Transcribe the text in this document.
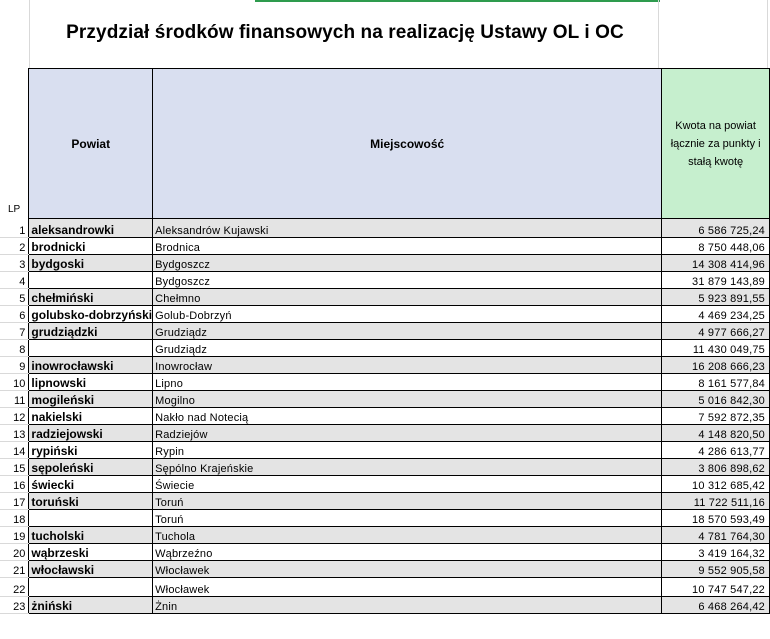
Przydział środków finansowych na realizację Ustawy OL i OC
LP	Powiat	Miejscowość	Kwota na powiat łącznie za punkty i stałą kwotę
1	aleksandrowki	Aleksandrów Kujawski	6 586 725,24
2	brodnicki	Brodnica	8 750 448,06
3	bydgoski	Bydgoszcz	14 308 414,96
4		Bydgoszcz	31 879 143,89
5	chełmiński	Chełmno	5 923 891,55
6	golubsko-dobrzyński	Golub-Dobrzyń	4 469 234,25
7	grudziądzki	Grudziądz	4 977 666,27
8		Grudziądz	11 430 049,75
9	inowrocławski	Inowrocław	16 208 666,23
10	lipnowski	Lipno	8 161 577,84
11	mogileński	Mogilno	5 016 842,30
12	nakielski	Nakło nad Notecią	7 592 872,35
13	radziejowski	Radziejów	4 148 820,50
14	rypiński	Rypin	4 286 613,77
15	sępoleński	Sępólno Krajeńskie	3 806 898,62
16	świecki	Świecie	10 312 685,42
17	toruński	Toruń	11 722 511,16
18		Toruń	18 570 593,49
19	tucholski	Tuchola	4 781 764,30
20	wąbrzeski	Wąbrzeźno	3 419 164,32
21	włocławski	Włocławek	9 552 905,58
22		Włocławek	10 747 547,22
23	żniński	Żnin	6 468 264,42
